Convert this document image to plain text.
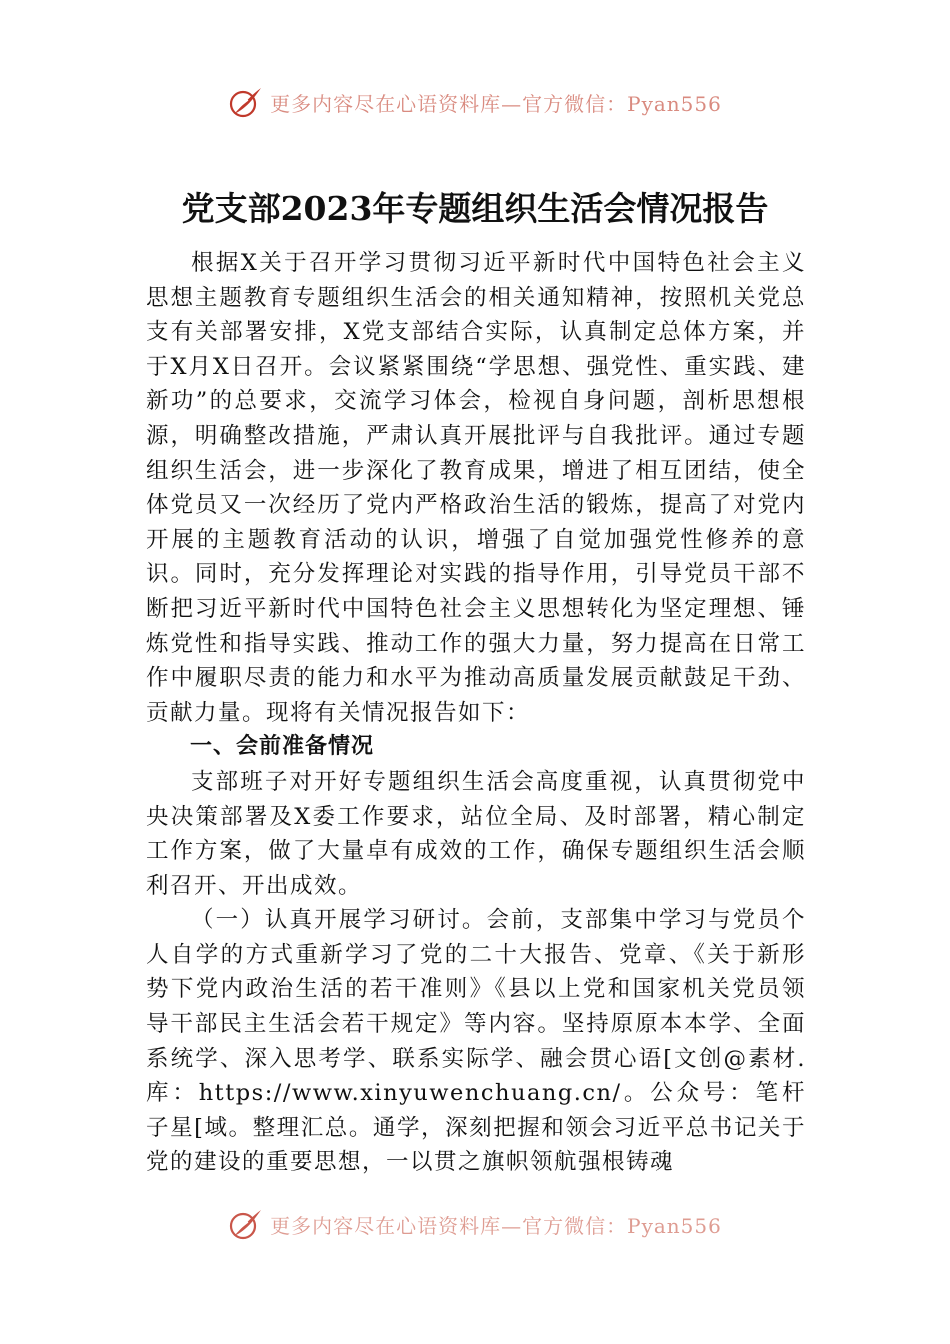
更多内容尽在心语资料库—官方微信：Pyan556
党支部2023年专题组织生活会情况报告

根据X关于召开学习贯彻习近平新时代中国特色社会主义思想主题教育专题组织生活会的相关通知精神，按照机关党总支有关部署安排，X党支部结合实际，认真制定总体方案，并于X月X日召开。会议紧紧围绕“学思想、强党性、重实践、建新功”的总要求，交流学习体会，检视自身问题，剖析思想根源，明确整改措施，严肃认真开展批评与自我批评。通过专题组织生活会，进一步深化了教育成果，增进了相互团结，使全体党员又一次经历了党内严格政治生活的锻炼，提高了对党内开展的主题教育活动的认识，增强了自觉加强党性修养的意识。同时，充分发挥理论对实践的指导作用，引导党员干部不断把习近平新时代中国特色社会主义思想转化为坚定理想、锤炼党性和指导实践、推动工作的强大力量，努力提高在日常工作中履职尽责的能力和水平为推动高质量发展贡献鼓足干劲、贡献力量。现将有关情况报告如下：

一、会前准备情况

支部班子对开好专题组织生活会高度重视，认真贯彻党中央决策部署及X委工作要求，站位全局、及时部署，精心制定工作方案，做了大量卓有成效的工作，确保专题组织生活会顺利召开、开出成效。

（一）认真开展学习研讨。会前，支部集中学习与党员个人自学的方式重新学习了党的二十大报告、党章、《关于新形势下党内政治生活的若干准则》《县以上党和国家机关党员领导干部民主生活会若干规定》等内容。坚持原原本本学、全面系统学、深入思考学、联系实际学、融会贯心语[文创@素材.库：https://www.xinyuwenchuang.cn/。公众号：笔杆子星[域。整理汇总。通学，深刻把握和领会习近平总书记关于党的建设的重要思想，一以贯之旗帜领航强根铸魂

更多内容尽在心语资料库—官方微信：Pyan556
